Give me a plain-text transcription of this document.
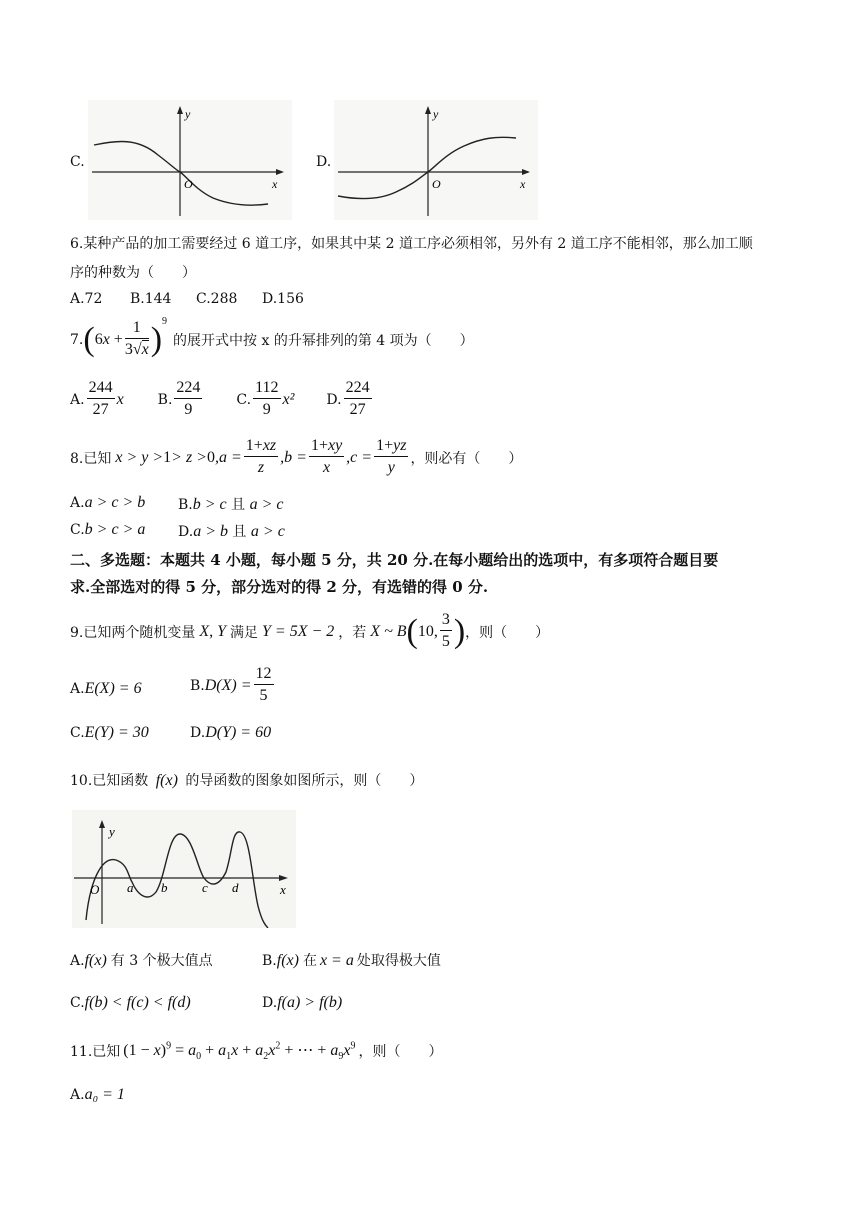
C.
y
x
O
D.
y
x
O
6.某种产品的加工需要经过 6 道工序，如果其中某 2 道工序必须相邻，另外有 2 道工序不能相邻，那么加工顺
序的种数为（　　）
A.72 B.144 C.288 D.156
7. ( 6 $x + \frac{1}{3√x} )^9$
的展开式中按 x 的升幂排列的第 4 项为（　　）
A. $\frac{244}{27}$ x B. $\frac{224}{9} C$. $\frac{112}{9} x^2$ D. $\frac{224}{27}$
8.已知 x > y > 1 > z > 0 $,a = \frac{1+xz}{z} ,b = \frac{1+xy}{x} ,c = \frac{1+yz}{y}$ ，则必有（　　）
A.a > c > b B.b > c 且 a > c
C.b > c > a D.a > b 且 a > c
二、多选题：本题共 4 小题，每小题 5 分，共 20 分.在每小题给出的选项中，有多项符合题目要
求.全部选对的得 5 分，部分选对的得 2 分，有选错的得 0 分.
9.已知两个随机变量 X, Y 满足 Y = 5X − 2 ，若 X ~ B ( 10, $\frac{3}{5}$ ) ，则（　　）
A.E(X) = 6	B. $D(X) = \frac{12}{5}$
C.E(Y) = 30	D.D(Y) = 60
10.已知函数 f(x) 的导函数的图象如图所示，则（　　）
y
x
O a b	c d
A.f(x) 有 3 个极大值点	B.f(x) 在 x = a 处取得极大值
C.f(b) < f(c) < f(d)	D.f(a) > f(b)
11.已知 $(1 - x)^9 = a_0 + a_1x + a_2x^2$ + ⋯ + $a_9x^9$ ，则（　　）
A.a₀ = 1
